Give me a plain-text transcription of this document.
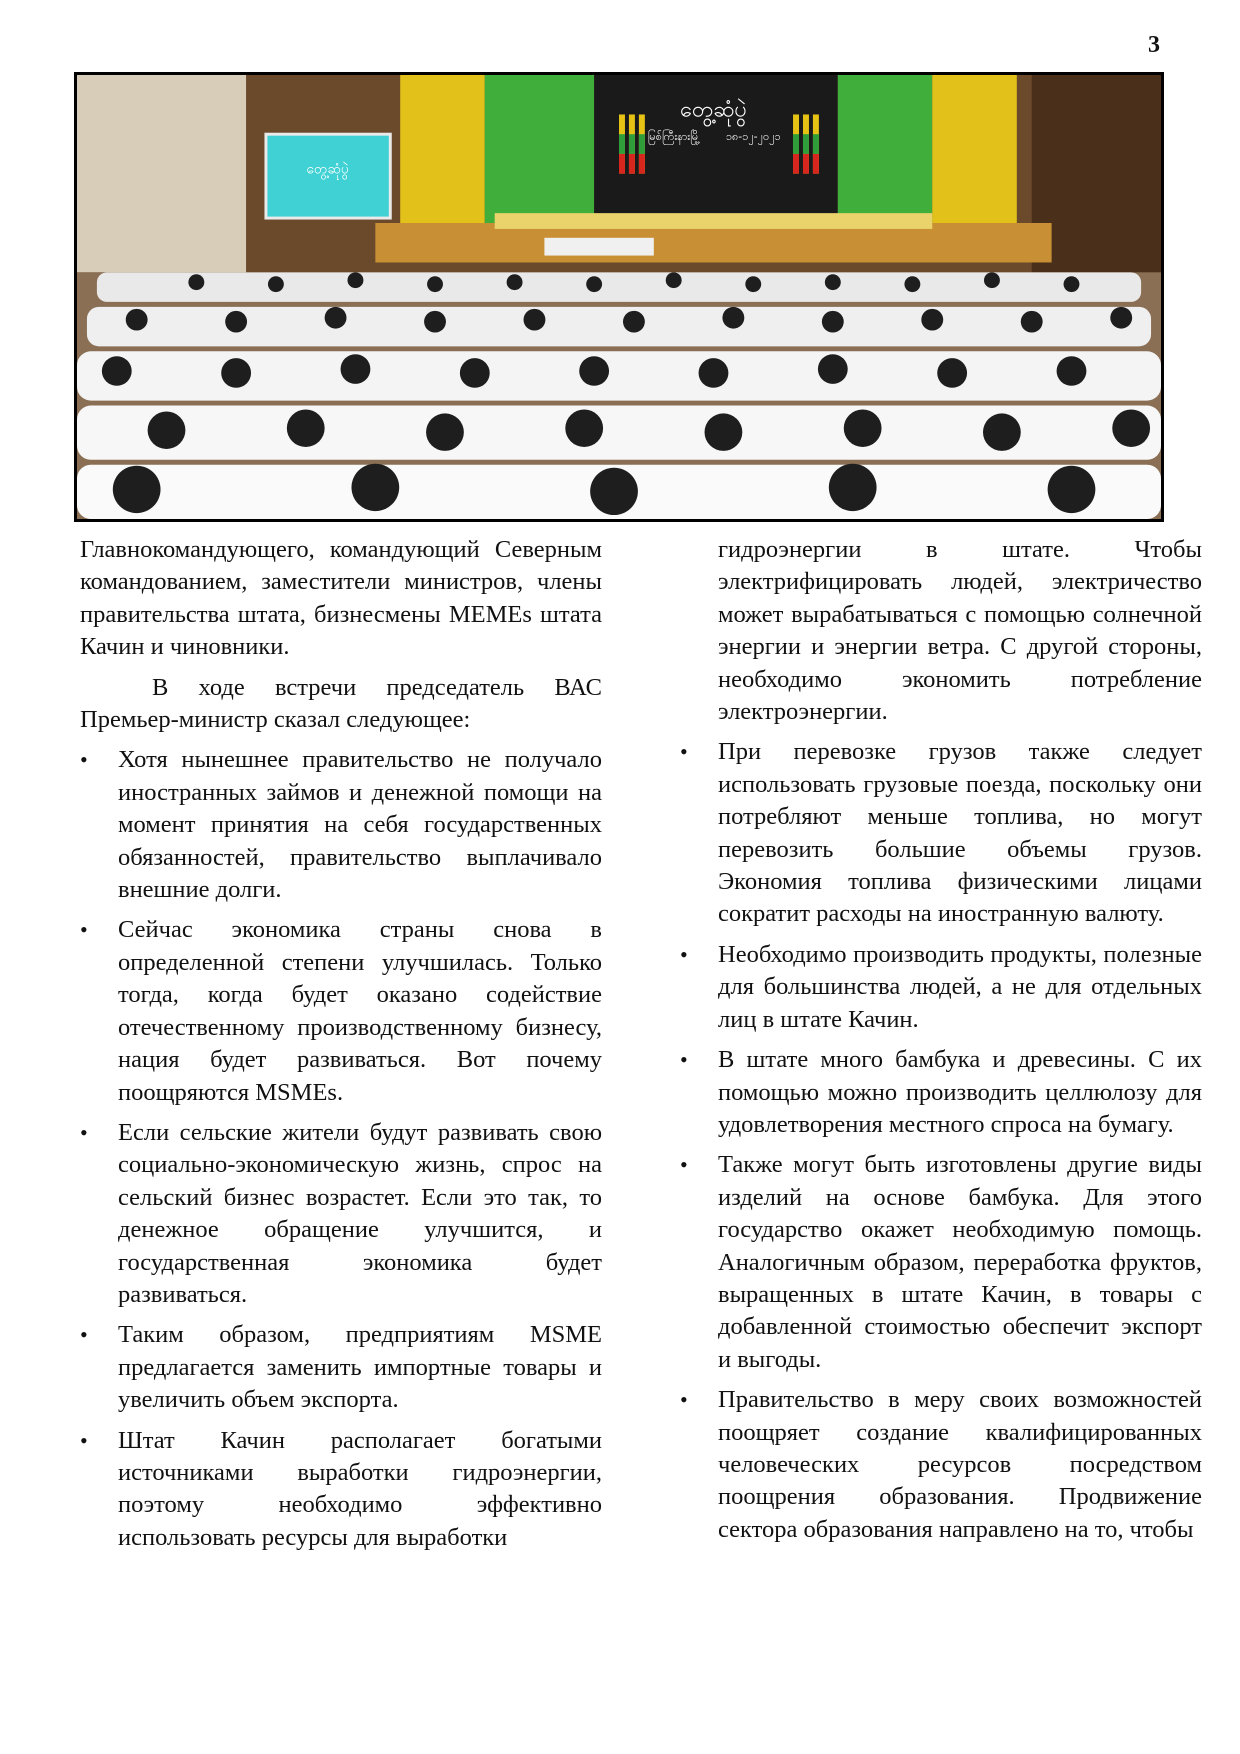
3
တွေ့ဆုံပွဲ
တွေ့ဆုံပွဲ
မြစ်ကြီးနားမြို့ ၁၈-၁၂-၂၀၂၁

Главнокомандующего, командующий Северным командованием, заместители министров, члены правительства штата, бизнесмены MEMEs штата Качин и чиновники.

В ходе встречи председатель ВАС Премьер-министр сказал следующее:

• Хотя нынешнее правительство не получало иностранных займов и денежной помощи на момент принятия на себя государственных обязанностей, правительство выплачивало внешние долги.
• Сейчас экономика страны снова в определенной степени улучшилась. Только тогда, когда будет оказано содействие отечественному производственному бизнесу, нация будет развиваться. Вот почему поощряются MSMEs.
• Если сельские жители будут развивать свою социально-экономическую жизнь, спрос на сельский бизнес возрастет. Если это так, то денежное обращение улучшится, и государственная экономика будет развиваться.
• Таким образом, предприятиям MSME предлагается заменить импортные товары и увеличить объем экспорта.
• Штат Качин располагает богатыми источниками выработки гидроэнергии, поэтому необходимо эффективно использовать ресурсы для выработки
гидроэнергии в штате. Чтобы электрифицировать людей, электричество может вырабатываться с помощью солнечной энергии и энергии ветра. С другой стороны, необходимо экономить потребление электроэнергии.
• При перевозке грузов также следует использовать грузовые поезда, поскольку они потребляют меньше топлива, но могут перевозить большие объемы грузов. Экономия топлива физическими лицами сократит расходы на иностранную валюту.
• Необходимо производить продукты, полезные для большинства людей, а не для отдельных лиц в штате Качин.
• В штате много бамбука и древесины. С их помощью можно производить целлюлозу для удовлетворения местного спроса на бумагу.
• Также могут быть изготовлены другие виды изделий на основе бамбука. Для этого государство окажет необходимую помощь. Аналогичным образом, переработка фруктов, выращенных в штате Качин, в товары с добавленной стоимостью обеспечит экспорт и выгоды.
• Правительство в меру своих возможностей поощряет создание квалифицированных человеческих ресурсов посредством поощрения образования. Продвижение сектора образования направлено на то, чтобы
